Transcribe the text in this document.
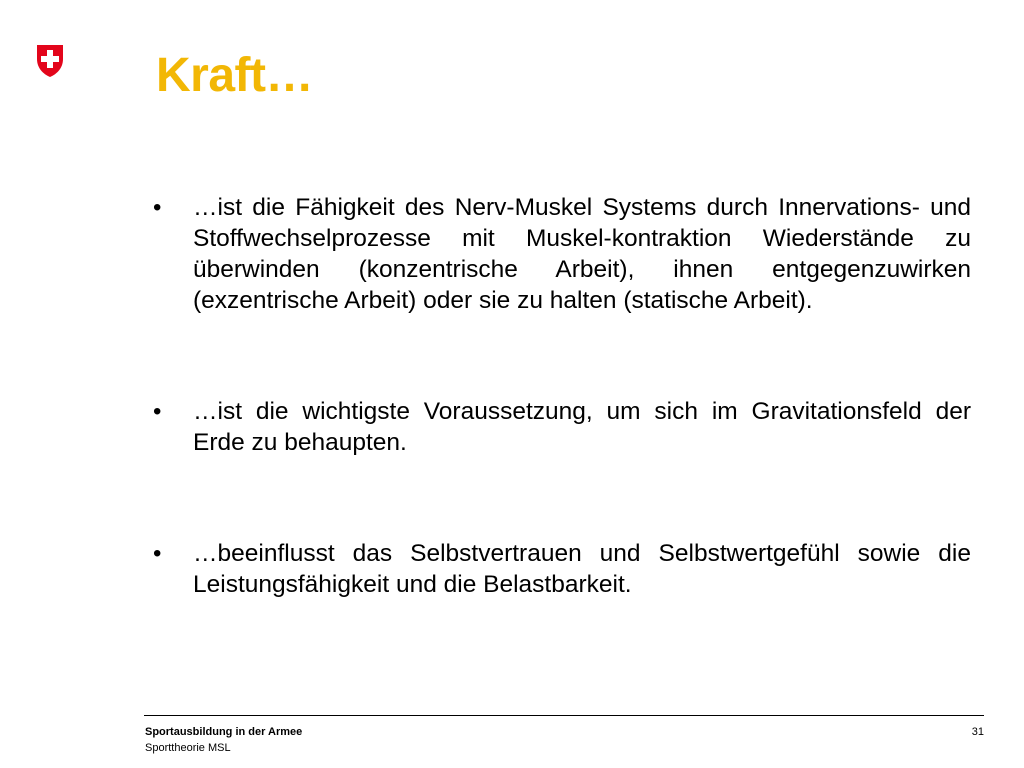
Kraft…
• …ist die Fähigkeit des Nerv-Muskel Systems durch Innervations- und Stoffwechselprozesse mit Muskel-kontraktion Wiederstände zu überwinden (konzentrische Arbeit), ihnen entgegenzuwirken (exzentrische Arbeit) oder sie zu halten (statische Arbeit).
• …ist die wichtigste Voraussetzung, um sich im Gravitationsfeld der Erde zu behaupten.
• …beeinflusst das Selbstvertrauen und Selbstwertgefühl sowie die Leistungsfähigkeit und die Belastbarkeit.
Sportausbildung in der Armee
Sporttheorie MSL
31
